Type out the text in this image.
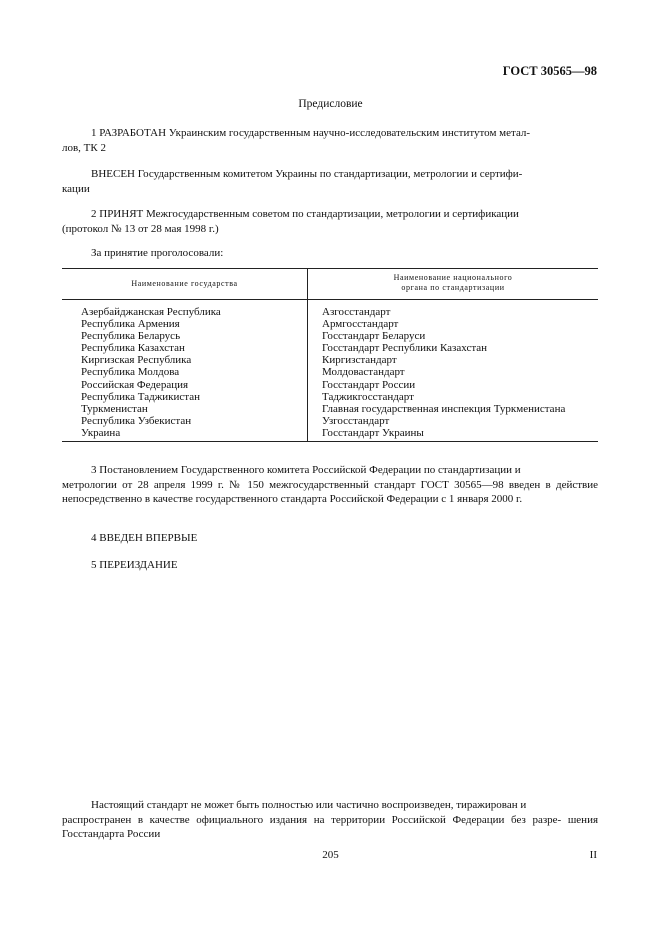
ГОСТ 30565—98
Предисловие

1 РАЗРАБОТАН Украинским государственным научно-исследовательским институтом метал-
лов, ТК 2

ВНЕСЕН Государственным комитетом Украины по стандартизации, метрологии и сертифи-
кации

2 ПРИНЯТ Межгосударственным советом по стандартизации, метрологии и сертификации
(протокол № 13 от 28 мая 1998 г.)

За принятие проголосовали:

Наименование государства
Наименование национального
органа по стандартизации
Азербайджанская Республика
Республика Армения
Республика Беларусь
Республика Казахстан
Киргизская Республика
Республика Молдова
Российская Федерация
Республика Таджикистан
Туркменистан
Республика Узбекистан
Украина
Азгосстандарт
Армгосстандарт
Госстандарт Беларуси
Госстандарт Республики Казахстан
Киргизстандарт
Молдовастандарт
Госстандарт России
Таджикгосстандарт
Главная государственная инспекция Туркменистана
Узгосстандарт
Госстандарт Украины

3 Постановлением Государственного комитета Российской Федерации по стандартизации и
метрологии от 28 апреля 1999 г. № 150 межгосударственный стандарт ГОСТ 30565—98 введен в действие непосредственно в качестве государственного стандарта Российской Федерации с 1 января 2000 г.

4 ВВЕДЕН ВПЕРВЫЕ

5 ПЕРЕИЗДАНИЕ

Настоящий стандарт не может быть полностью или частично воспроизведен, тиражирован и
распространен в качестве официального издания на территории Российской Федерации без разре- шения Госстандарта России

205	II
